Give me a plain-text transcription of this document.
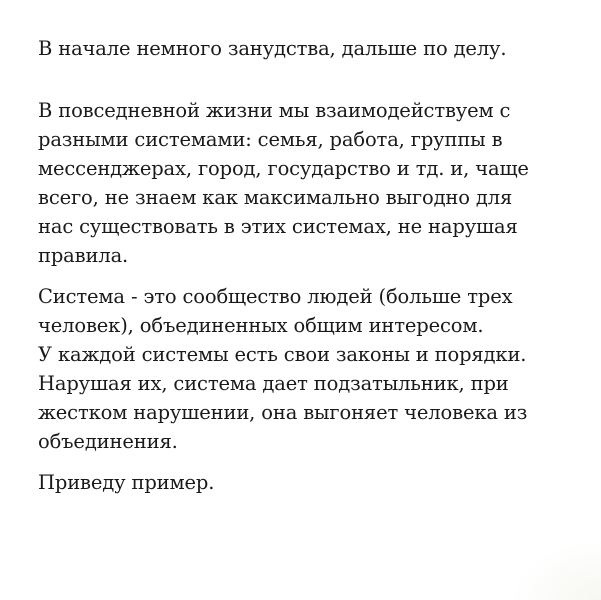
В начале немного занудства, дальше по делу.

В повседневной жизни мы взаимодействуем с
разными системами: семья, работа, группы в
мессенджерах, город, государство и тд. и, чаще
всего, не знаем как максимально выгодно для
нас существовать в этих системах, не нарушая
правила.

Система - это сообщество людей (больше трех
человек), объединенных общим интересом.
У каждой системы есть свои законы и порядки.
Нарушая их, система дает подзатыльник, при
жестком нарушении, она выгоняет человека из
объединения.

Приведу пример.
